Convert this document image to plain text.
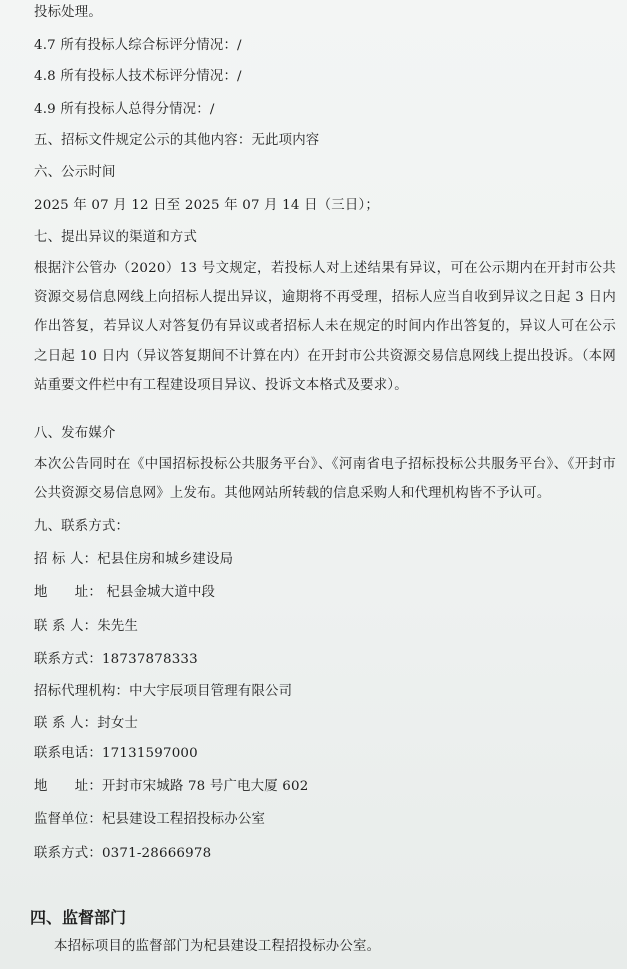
投标处理。
4.7 所有投标人综合标评分情况：/
4.8 所有投标人技术标评分情况：/
4.9 所有投标人总得分情况：/
五、招标文件规定公示的其他内容：无此项内容
六、公示时间
2025 年 07 月 12 日至 2025 年 07 月 14 日（三日）；
七、提出异议的渠道和方式
根据汴公管办（2020）13 号文规定，若投标人对上述结果有异议，可在公示期内在开封市公共资源交易信息网线上向招标人提出异议，逾期将不再受理，招标人应当自收到异议之日起 3 日内作出答复，若异议人对答复仍有异议或者招标人未在规定的时间内作出答复的，异议人可在公示之日起 10 日内（异议答复期间不计算在内）在开封市公共资源交易信息网线上提出投诉。（本网站重要文件栏中有工程建设项目异议、投诉文本格式及要求）。
八、发布媒介
本次公告同时在《中国招标投标公共服务平台》、《河南省电子招标投标公共服务平台》、《开封市公共资源交易信息网》上发布。其他网站所转载的信息采购人和代理机构皆不予认可。
九、联系方式：
招 标 人：杞县住房和城乡建设局
地　　址： 杞县金城大道中段
联 系 人：朱先生
联系方式：18737878333
招标代理机构：中大宇辰项目管理有限公司
联 系 人：封女士
联系电话：17131597000
地　　址：开封市宋城路 78 号广电大厦 602
监督单位：杞县建设工程招投标办公室
联系方式：0371-28666978
四、监督部门
本招标项目的监督部门为杞县建设工程招投标办公室。
